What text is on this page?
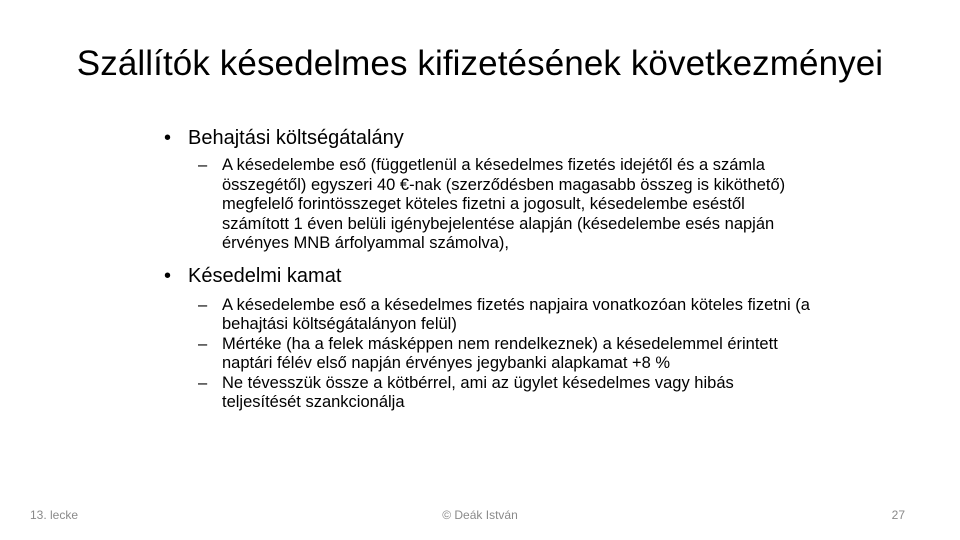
Szállítók késedelmes kifizetésének következményei

• Behajtási költségátalány

– A késedelembe eső (függetlenül a késedelmes fizetés idejétől és a számla összegétől) egyszeri 40 €-nak (szerződésben magasabb összeg is kiköthető) megfelelő forintösszeget köteles fizetni a jogosult, késedelembe eséstől számított 1 éven belüli igénybejelentése alapján (késedelembe esés napján érvényes MNB árfolyammal számolva),

• Késedelmi kamat

– A késedelembe eső a késedelmes fizetés napjaira vonatkozóan köteles fizetni (a behajtási költségátalányon felül)

– Mértéke (ha a felek másképpen nem rendelkeznek) a késedelemmel érintett naptári félév első napján érvényes jegybanki alapkamat +8 %

– Ne tévesszük össze a kötbérrel, ami az ügylet késedelmes vagy hibás teljesítését szankcionálja

13. lecke	© Deák István	27
